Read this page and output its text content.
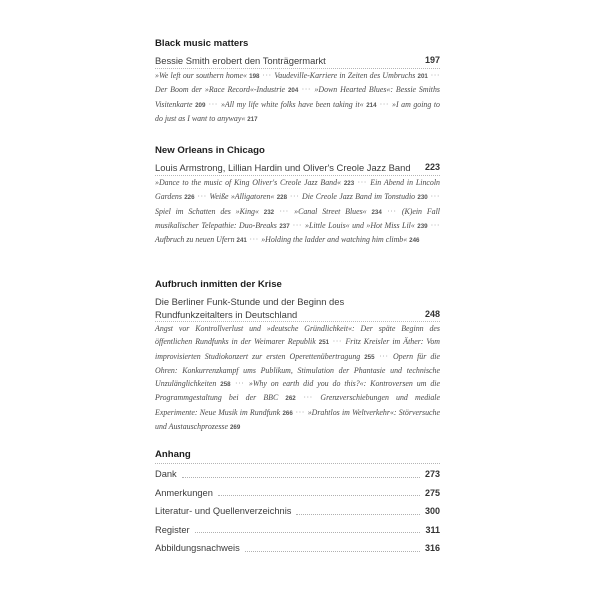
Black music matters
Bessie Smith erobert den Tonträgermarkt	197
»We left our southern home« 198 ··· Vaudeville-Karriere in Zeiten des Umbruchs 201 ··· Der Boom der »Race Record«-Industrie 204 ··· »Down Hearted Blues«: Bessie Smiths Visitenkarte 209 ··· »All my life white folks have been taking it« 214 ··· »I am going to do just as I want to anyway« 217
New Orleans in Chicago
Louis Armstrong, Lillian Hardin und Oliver's Creole Jazz Band 223
»Dance to the music of King Oliver's Creole Jazz Band« 223 ··· Ein Abend in Lincoln Gardens 226 ··· Weiße »Alligatoren« 228 ··· Die Creole Jazz Band im Tonstudio 230 ··· Spiel im Schatten des »King« 232 ··· »Canal Street Blues« 234 ··· (K)ein Fall musikalischer Telepathie: Duo-Breaks 237 ··· »Little Louis« und »Hot Miss Lil« 239 ··· Aufbruch zu neuen Ufern 241 ··· »Holding the ladder and watching him climb« 246
Aufbruch inmitten der Krise
Die Berliner Funk-Stunde und der Beginn des Rundfunkzeitalters in Deutschland	248
Angst vor Kontrollverlust und »deutsche Gründlichkeit«: Der späte Beginn des öffentlichen Rundfunks in der Weimarer Republik 251 ··· Fritz Kreisler im Äther: Vom improvisierten Studiokonzert zur ersten Operettenübertragung 255 ··· Opern für die Ohren: Konkurrenzkampf ums Publikum, Stimulation der Phantasie und technische Unzulänglichkeiten 258 ··· »Why on earth did you do this?«: Kontroversen um die Programmgestaltung bei der BBC 262 ··· Grenzverschiebungen und mediale Experimente: Neue Musik im Rundfunk 266 ··· »Drahtlos im Weltverkehr«: Störversuche und Austauschprozesse 269
Anhang
Dank	273
Anmerkungen	275
Literatur- und Quellenverzeichnis	300
Register	311
Abbildungsnachweis	316
